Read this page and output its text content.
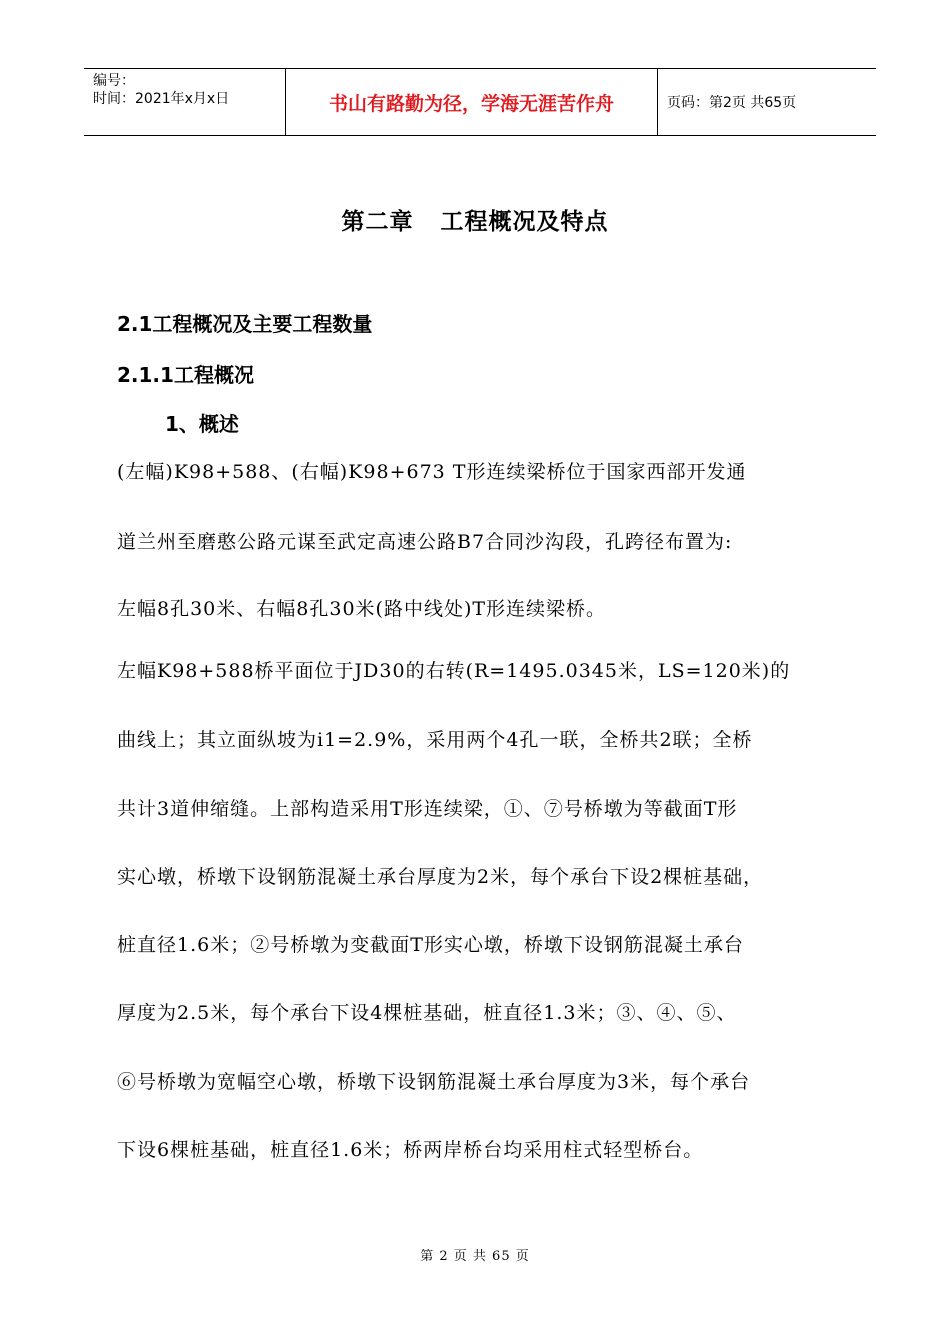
编号：
时间：2021年x月x日	书山有路勤为径，学海无涯苦作舟	页码：第2页 共65页
第二章   工程概况及特点
2.1工程概况及主要工程数量
2.1.1工程概况
1、概述
(左幅)K98+588、(右幅)K98+673 T形连续梁桥位于国家西部开发通
道兰州至磨憨公路元谋至武定高速公路B7合同沙沟段，孔跨径布置为:
左幅8孔30米、右幅8孔30米(路中线处)T形连续梁桥。
左幅K98+588桥平面位于JD30的右转(R=1495.0345米，LS=120米)的
曲线上；其立面纵坡为i1=2.9%，采用两个4孔一联，全桥共2联；全桥
共计3道伸缩缝。上部构造采用T形连续梁，①、⑦号桥墩为等截面T形
实心墩，桥墩下设钢筋混凝土承台厚度为2米，每个承台下设2棵桩基础，
桩直径1.6米；②号桥墩为变截面T形实心墩，桥墩下设钢筋混凝土承台
厚度为2.5米，每个承台下设4棵桩基础，桩直径1.3米；③、④、⑤、
⑥号桥墩为宽幅空心墩，桥墩下设钢筋混凝土承台厚度为3米，每个承台
下设6棵桩基础，桩直径1.6米；桥两岸桥台均采用柱式轻型桥台。
第 2 页 共 65 页
